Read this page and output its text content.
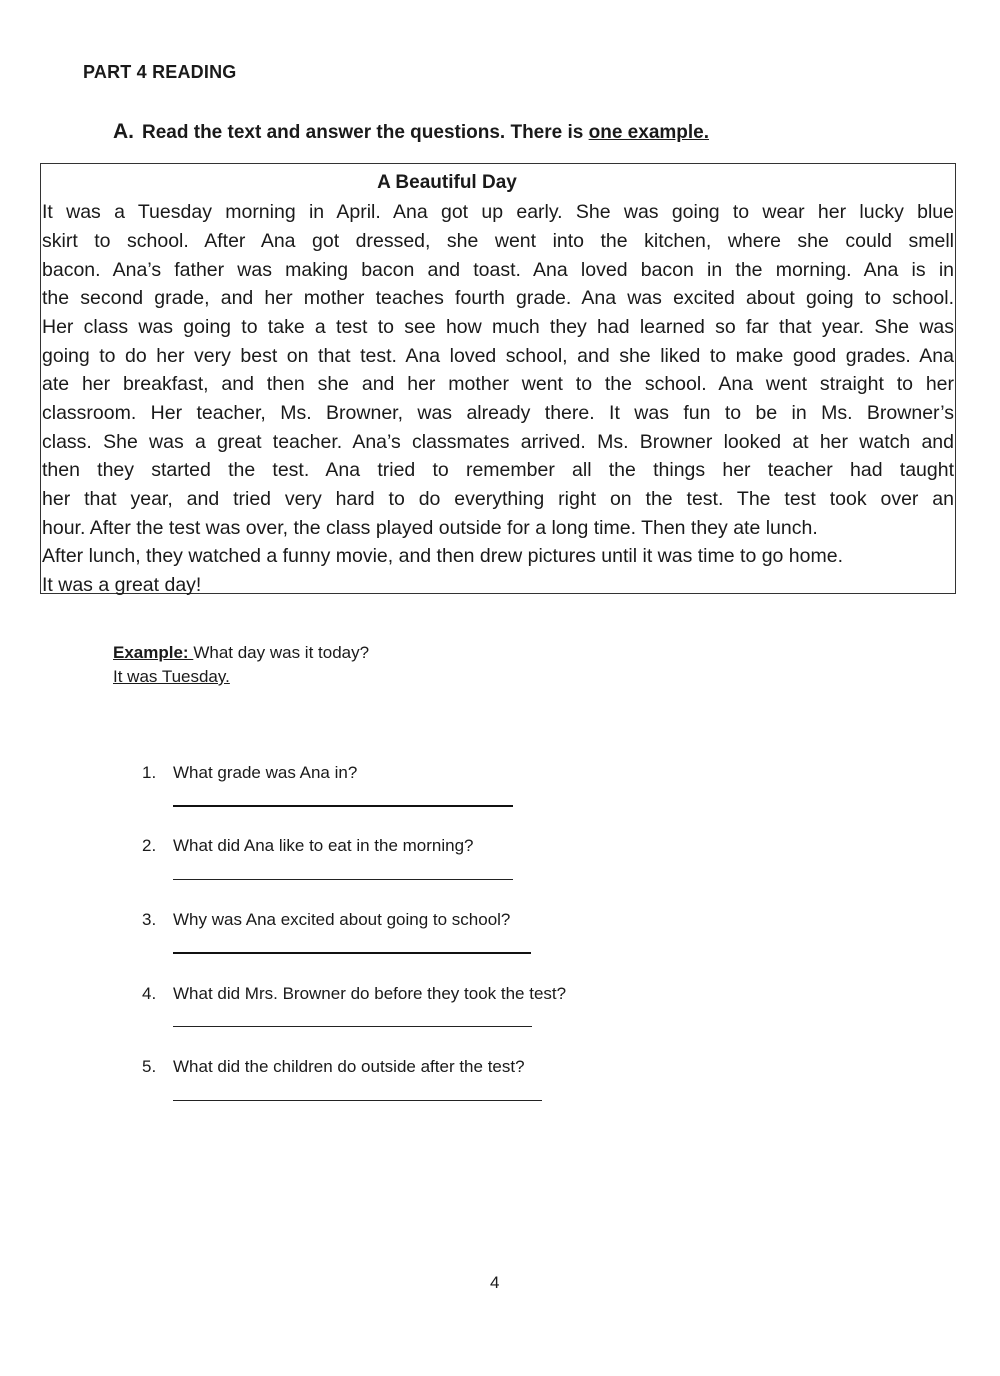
PART 4 READING
A. Read the text and answer the questions. There is one example.
A Beautiful Day
It was a Tuesday morning in April. Ana got up early. She was going to wear her lucky blue
skirt to school. After Ana got dressed, she went into the kitchen, where she could smell
bacon. Ana’s father was making bacon and toast. Ana loved bacon in the morning. Ana is in
the second grade, and her mother teaches fourth grade. Ana was excited about going to school.
Her class was going to take a test to see how much they had learned so far that year. She was
going to do her very best on that test. Ana loved school, and she liked to make good grades. Ana
ate her breakfast, and then she and her mother went to the school. Ana went straight to her
classroom. Her teacher, Ms. Browner, was already there. It was fun to be in Ms. Browner’s
class. She was a great teacher. Ana’s classmates arrived. Ms. Browner looked at her watch and
then they started the test. Ana tried to remember all the things her teacher had taught
her that year, and tried very hard to do everything right on the test. The test took over an
hour. After the test was over, the class played outside for a long time. Then they ate lunch.
After lunch, they watched a funny movie, and then drew pictures until it was time to go home.
It was a great day!
Example: What day was it today?
It was Tuesday.
1. What grade was Ana in?
2. What did Ana like to eat in the morning?
3. Why was Ana excited about going to school?
4. What did Mrs. Browner do before they took the test?
5. What did the children do outside after the test?
4
